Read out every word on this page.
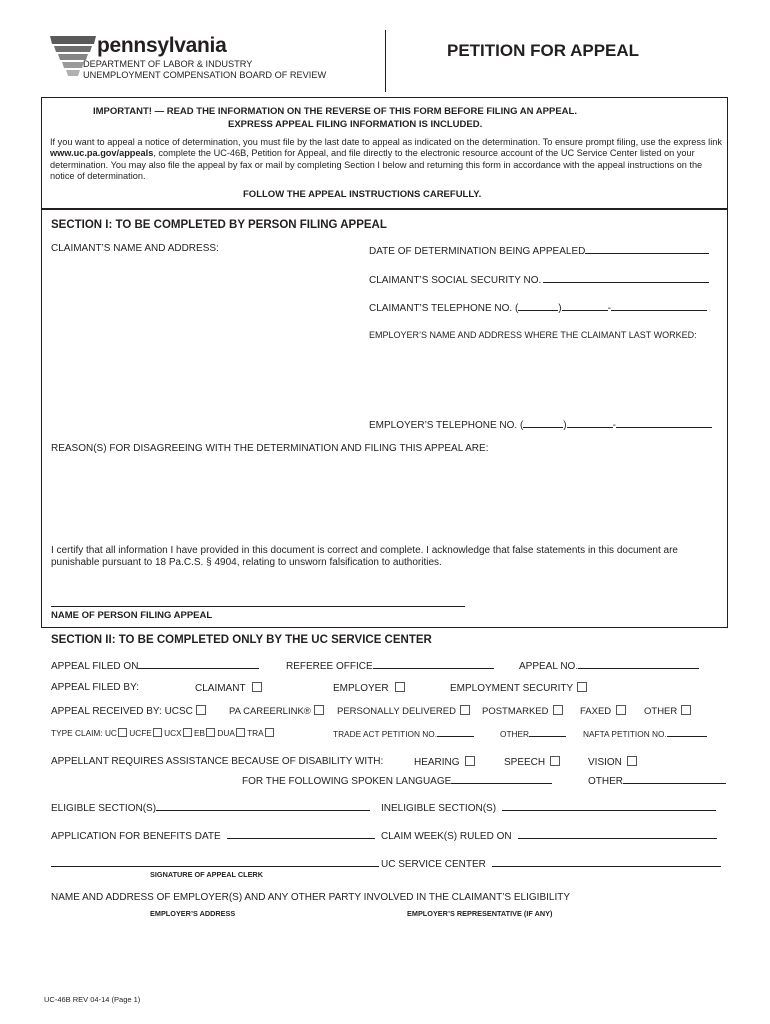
pennsylvania
DEPARTMENT OF LABOR & INDUSTRY
UNEMPLOYMENT COMPENSATION BOARD OF REVIEW
PETITION FOR APPEAL
IMPORTANT! — READ THE INFORMATION ON THE REVERSE OF THIS FORM BEFORE FILING AN APPEAL.
EXPRESS APPEAL FILING INFORMATION IS INCLUDED.
If you want to appeal a notice of determination, you must file by the last date to appeal as indicated on the determination. To ensure prompt filing, use the express link www.uc.pa.gov/appeals, complete the UC-46B, Petition for Appeal, and file directly to the electronic resource account of the UC Service Center listed on your determination. You may also file the appeal by fax or mail by completing Section I below and returning this form in accordance with the appeal instructions on the notice of determination.
FOLLOW THE APPEAL INSTRUCTIONS CAREFULLY.
SECTION I: TO BE COMPLETED BY PERSON FILING APPEAL
CLAIMANT’S NAME AND ADDRESS:	DATE OF DETERMINATION BEING APPEALED
CLAIMANT’S SOCIAL SECURITY NO.
CLAIMANT’S TELEPHONE NO. (	)	-
EMPLOYER’S NAME AND ADDRESS WHERE THE CLAIMANT LAST WORKED:
EMPLOYER’S TELEPHONE NO. (	)	-
REASON(S) FOR DISAGREEING WITH THE DETERMINATION AND FILING THIS APPEAL ARE:
I certify that all information I have provided in this document is correct and complete. I acknowledge that false statements in this document are punishable pursuant to 18 Pa.C.S. § 4904, relating to unsworn falsification to authorities.
NAME OF PERSON FILING APPEAL
SECTION II: TO BE COMPLETED ONLY BY THE UC SERVICE CENTER
APPEAL FILED ON	REFEREE OFFICE	APPEAL NO.
APPEAL FILED BY:	CLAIMANT	EMPLOYER	EMPLOYMENT SECURITY
APPEAL RECEIVED BY: UCSC	PA CAREERLINK®	PERSONALLY DELIVERED	POSTMARKED	FAXED	OTHER
TYPE CLAIM: UC UCFE UCX EB DUA TRA	TRADE ACT PETITION NO.	OTHER	NAFTA PETITION NO.
APPELLANT REQUIRES ASSISTANCE BECAUSE OF DISABILITY WITH:	HEARING	SPEECH	VISION
FOR THE FOLLOWING SPOKEN LANGUAGE	OTHER
ELIGIBLE SECTION(S)	INELIGIBLE SECTION(S)
APPLICATION FOR BENEFITS DATE	CLAIM WEEK(S) RULED ON
UC SERVICE CENTER
SIGNATURE OF APPEAL CLERK
NAME AND ADDRESS OF EMPLOYER(S) AND ANY OTHER PARTY INVOLVED IN THE CLAIMANT’S ELIGIBILITY
EMPLOYER’S ADDRESS	EMPLOYER’S REPRESENTATIVE (IF ANY)
UC-46B REV 04-14 (Page 1)
